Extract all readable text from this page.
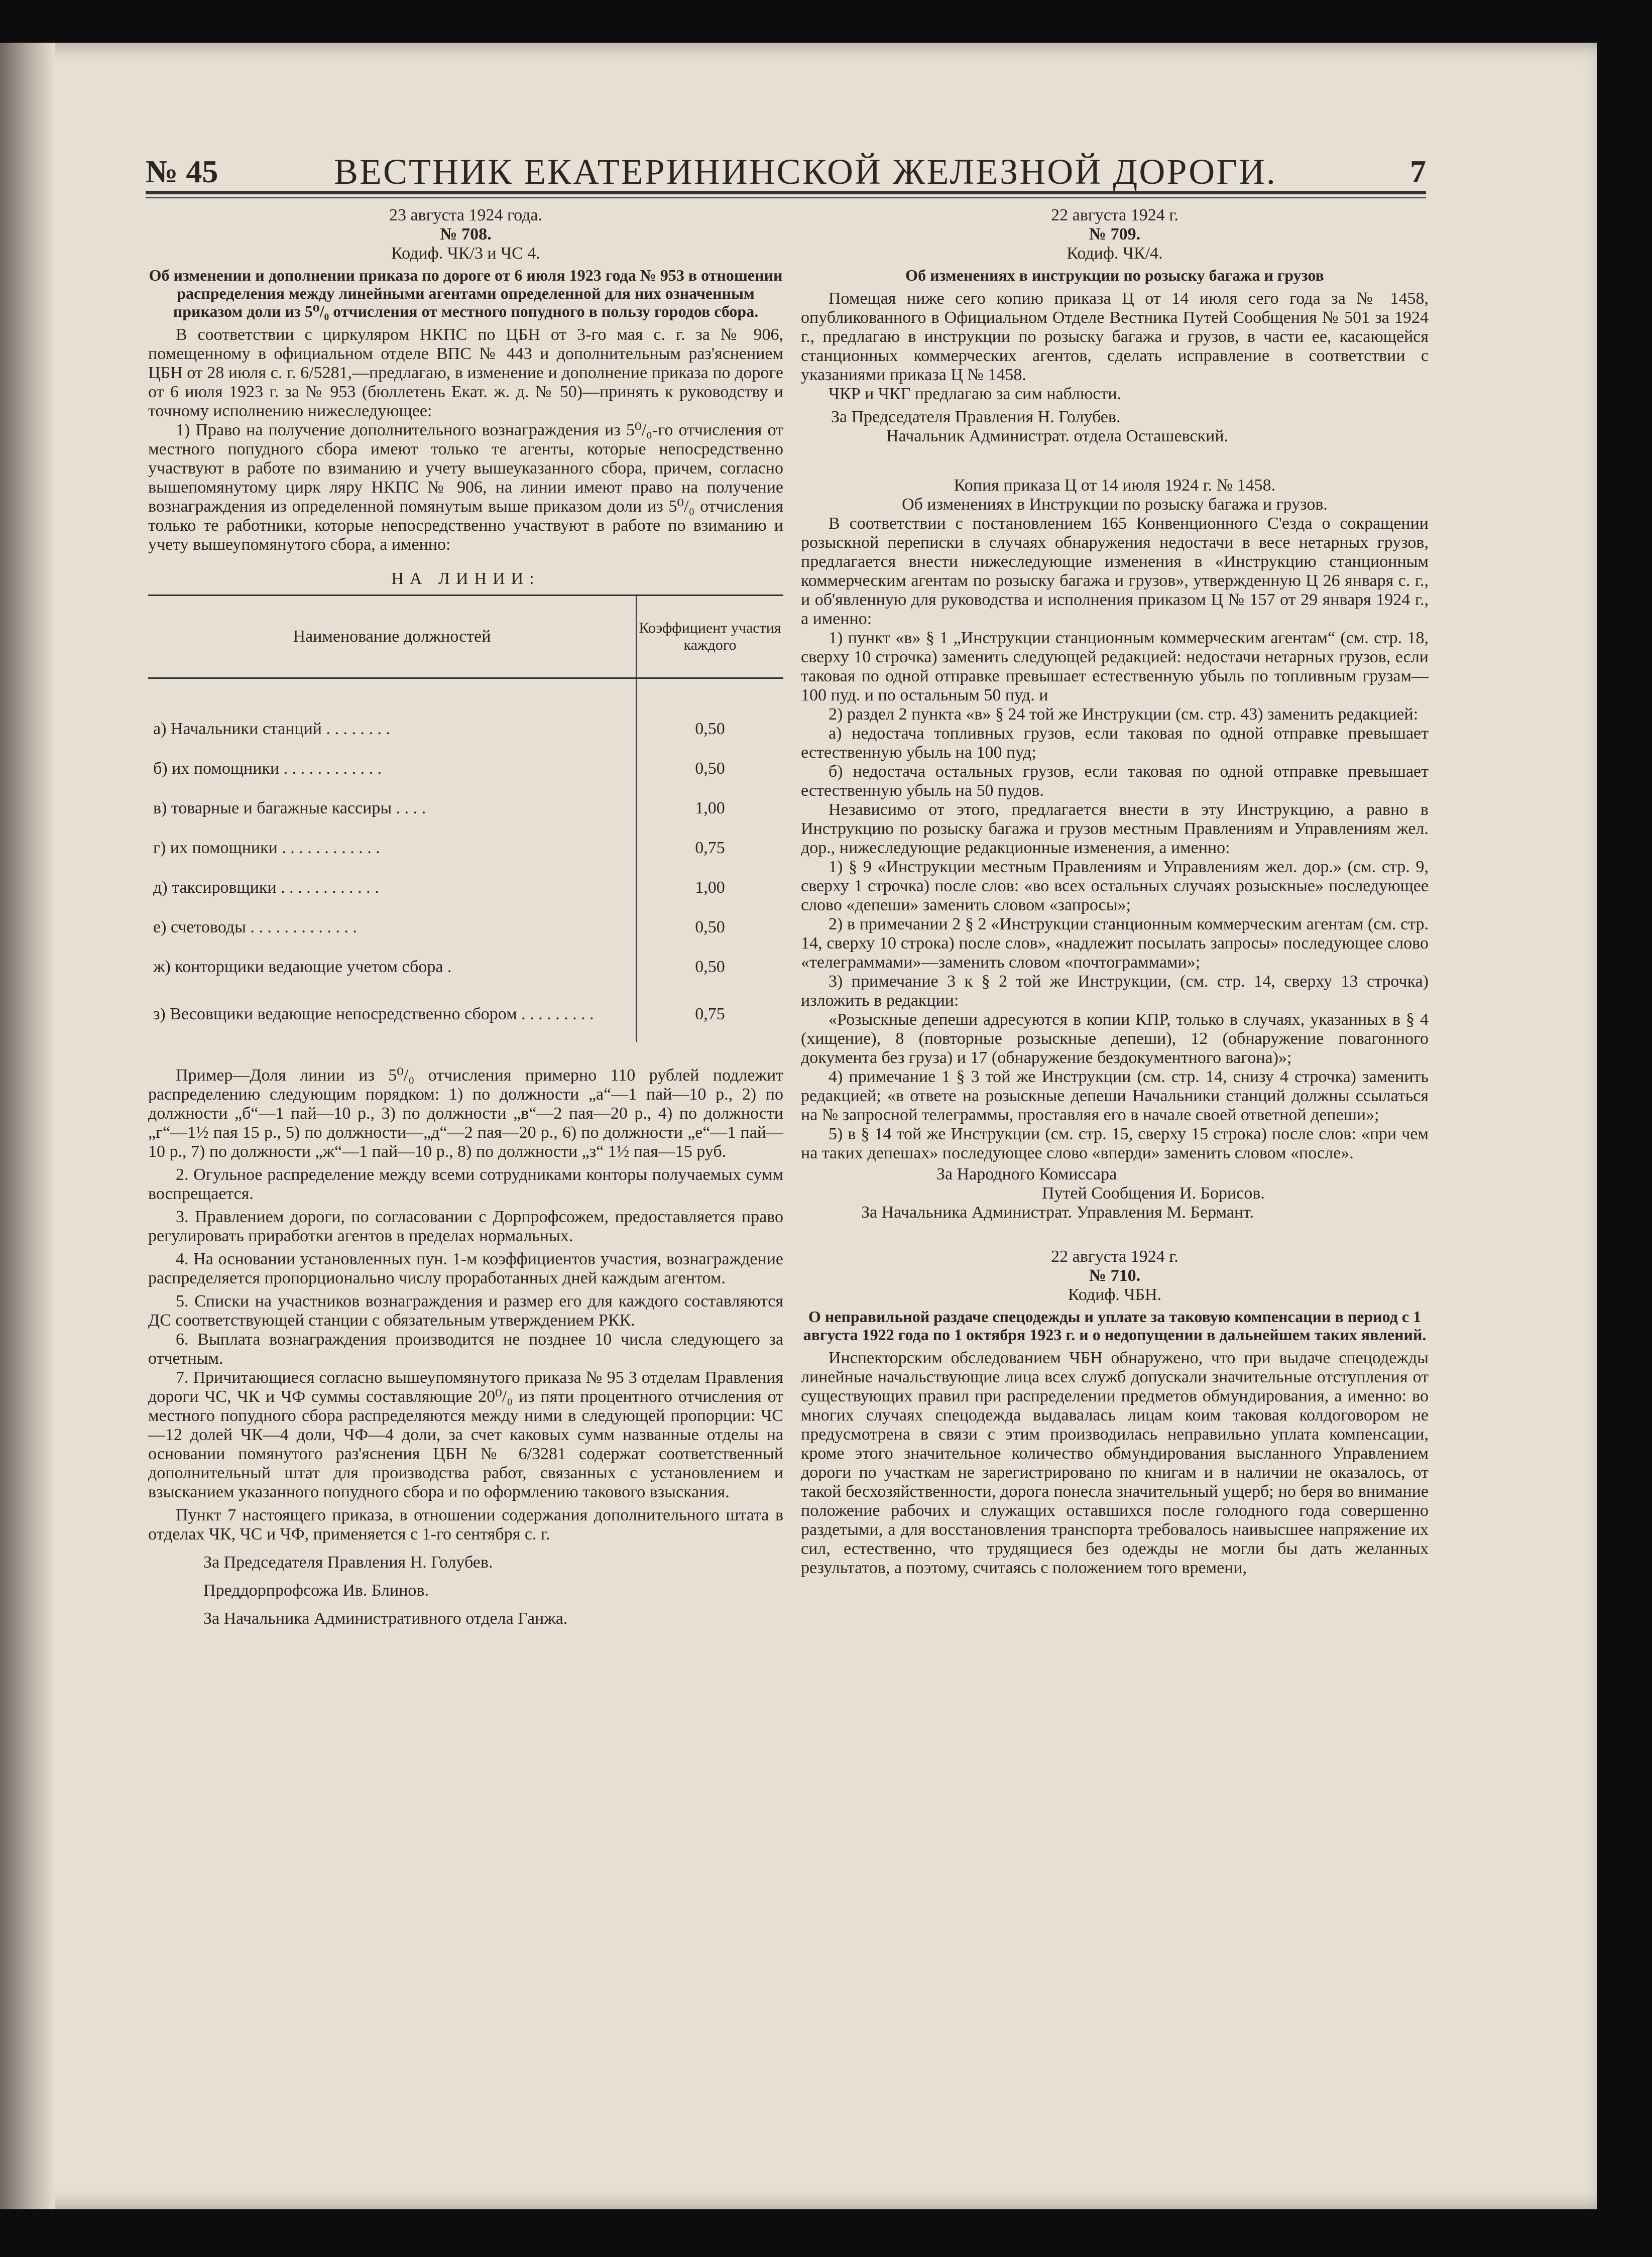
№ 45	ВЕСТНИК ЕКАТЕРИНИНСКОЙ ЖЕЛЕЗНОЙ ДОРОГИ.	7

23 августа 1924 года.

№ 708.

Кодиф. ЧК/3 и ЧС 4.

Об изменении и дополнении приказа по дороге от 6 июля 1923 года № 953 в отношении распределения между линейными агентами определенной для них означенным приказом доли из 5⁰/₀ отчисления от местного попудного в пользу городов сбора.

В соответствии с циркуляром НКПС по ЦБН от 3-го мая с. г. за № 906, помещенному в официальном отделе ВПС № 443 и дополнительным раз'яснением ЦБН от 28 июля с. г. 6/5281,—предлагаю, в изменение и дополнение приказа по дороге от 6 июля 1923 г. за № 953 (бюллетень Екат. ж. д. № 50)—принять к руководству и точному исполнению нижеследующее:

1) Право на получение дополнительного вознаграждения из 5⁰/₀-го отчисления от местного попудного сбора имеют только те агенты, которые непосредственно участвуют в работе по взиманию и учету вышеуказанного сбора, причем, согласно вышепомянутому цирк ляру НКПС № 906, на линии имеют право на получение вознаграждения из определенной помянутым выше приказом доли из 5⁰/₀ отчисления только те работники, которые непосредственно участвуют в работе по взиманию и учету вышеупомянутого сбора, а именно:

НА ЛИНИИ:

Наименование должностей	Коэффициент участия каждого
а) Начальники станций . . . . . . . .	0,50
б) их помощники . . . . . . . . . . . .	0,50
в) товарные и багажные кассиры . . . .	1,00
г) их помощники . . . . . . . . . . . .	0,75
д) таксировщики . . . . . . . . . . . .	1,00
е) счетоводы . . . . . . . . . . . . .	0,50
ж) конторщики ведающие учетом сбора .	0,50
з) Весовщики ведающие непосредственно сбором . . . . . . . . .	0,75

Пример—Доля линии из 5⁰/₀ отчисления примерно 110 рублей подлежит распределению следующим порядком: 1) по должности „а“—1 пай—10 р., 2) по должности „б“—1 пай—10 р., 3) по должности „в“—2 пая—20 р., 4) по должности „г“—1½ пая 15 р., 5) по должности—„д“—2 пая—20 р., 6) по должности „е“—1 пай—10 р., 7) по должности „ж“—1 пай—10 р., 8) по должности „з“ 1½ пая—15 руб.

2. Огульное распределение между всеми сотрудниками конторы получаемых сумм воспрещается.

3. Правлением дороги, по согласовании с Дорпрофсожем, предоставляется право регулировать приработки агентов в пределах нормальных.

4. На основании установленных пун. 1-м коэффициентов участия, вознаграждение распределяется пропорционально числу проработанных дней каждым агентом.

5. Списки на участников вознаграждения и размер его для каждого составляются ДС соответствующей станции с обязательным утверждением РКК.

6. Выплата вознаграждения производится не позднее 10 числа следующего за отчетным.

7. Причитающиеся согласно вышеупомянутого приказа № 95 3 отделам Правления дороги ЧС, ЧК и ЧФ суммы составляющие 20⁰/₀ из пяти процентного отчисления от местного попудного сбора распределяются между ними в следующей пропорции: ЧС—12 долей ЧК—4 доли, ЧФ—4 доли, за счет каковых сумм названные отделы на основании помянутого раз'яснения ЦБН № 6/3281 содержат соответственный дополнительный штат для производства работ, связанных с установлением и взысканием указанного попудного сбора и по оформлению такового взыскания.

Пункт 7 настоящего приказа, в отношении содержания дополнительного штата в отделах ЧК, ЧС и ЧФ, применяется с 1-го сентября с. г.

За Председателя Правления Н. Голубев.

Преддорпрофсожа Ив. Блинов.

За Начальника Административного отдела Ганжа.

22 августа 1924 г.

№ 709.

Кодиф. ЧК/4.

Об изменениях в инструкции по розыску багажа и грузов

Помещая ниже сего копию приказа Ц от 14 июля сего года за № 1458, опубликованного в Официальном Отделе Вестника Путей Сообщения № 501 за 1924 г., предлагаю в инструкции по розыску багажа и грузов, в части ее, касающейся станционных коммерческих агентов, сделать исправление в соответствии с указаниями приказа Ц № 1458.

ЧКР и ЧКГ предлагаю за сим наблюсти.

За Председателя Правления Н. Голубев.

Начальник Администрат. отдела Осташевский.

Копия приказа Ц от 14 июля 1924 г. № 1458.

Об изменениях в Инструкции по розыску багажа и грузов.

В соответствии с постановлением 165 Конвенционного С'езда о сокращении розыскной переписки в случаях обнаружения недостачи в весе нетарных грузов, предлагается внести нижеследующие изменения в «Инструкцию станционным коммерческим агентам по розыску багажа и грузов», утвержденную Ц 26 января с. г., и об'явленную для руководства и исполнения приказом Ц № 157 от 29 января 1924 г., а именно:

1) пункт «в» § 1 „Инструкции станционным коммерческим агентам“ (см. стр. 18, сверху 10 строчка) заменить следующей редакцией: недостачи нетарных грузов, если таковая по одной отправке превышает естественную убыль по топливным грузам—100 пуд. и по остальным 50 пуд. и

2) раздел 2 пункта «в» § 24 той же Инструкции (см. стр. 43) заменить редакцией:

а) недостача топливных грузов, если таковая по одной отправке превышает естественную убыль на 100 пуд;

б) недостача остальных грузов, если таковая по одной отправке превышает естественную убыль на 50 пудов.

Независимо от этого, предлагается внести в эту Инструкцию, а равно в Инструкцию по розыску багажа и грузов местным Правлениям и Управлениям жел. дор., нижеследующие редакционные изменения, а именно:

1) § 9 «Инструкции местным Правлениям и Управлениям жел. дор.» (см. стр. 9, сверху 1 строчка) после слов: «во всех остальных случаях розыскные» последующее слово «депеши» заменить словом «запросы»;

2) в примечании 2 § 2 «Инструкции станционным коммерческим агентам (см. стр. 14, сверху 10 строка) после слов», «надлежит посылать запросы» последующее слово «телеграммами»—заменить словом «почтограммами»;

3) примечание 3 к § 2 той же Инструкции, (см. стр. 14, сверху 13 строчка) изложить в редакции:

«Розыскные депеши адресуются в копии КПР, только в случаях, указанных в § 4 (хищение), 8 (повторные розыскные депеши), 12 (обнаружение повагонного документа без груза) и 17 (обнаружение бездокументного вагона)»;

4) примечание 1 § 3 той же Инструкции (см. стр. 14, снизу 4 строчка) заменить редакцией; «в ответе на розыскные депеши Начальники станций должны ссылаться на № запросной телеграммы, проставляя его в начале своей ответной депеши»;

5) в § 14 той же Инструкции (см. стр. 15, сверху 15 строка) после слов: «при чем на таких депешах» последующее слово «вперди» заменить словом «после».

За Народного Комиссара

Путей Сообщения И. Борисов.

За Начальника Администрат. Управления М. Бермант.

22 августа 1924 г.

№ 710.

Кодиф. ЧБН.

О неправильной раздаче спецодежды и уплате за таковую компенсации в период с 1 августа 1922 года по 1 октября 1923 г. и о недопущении в дальнейшем таких явлений.

Инспекторским обследованием ЧБН обнаружено, что при выдаче спецодежды линейные начальствующие лица всех служб допускали значительные отступления от существующих правил при распределении предметов обмундирования, а именно: во многих случаях спецодежда выдавалась лицам коим таковая колдоговором не предусмотрена в связи с этим производилась неправильно уплата компенсации, кроме этого значительное количество обмундирования высланного Управлением дороги по участкам не зарегистрировано по книгам и в наличии не оказалось, от такой бесхозяйственности, дорога понесла значительный ущерб; но беря во внимание положение рабочих и служащих оставшихся после голодного года совершенно раздетыми, а для восстановления транспорта требовалось наивысшее напряжение их сил, естественно, что трудящиеся без одежды не могли бы дать желанных результатов, а поэтому, считаясь с положением того времени,
